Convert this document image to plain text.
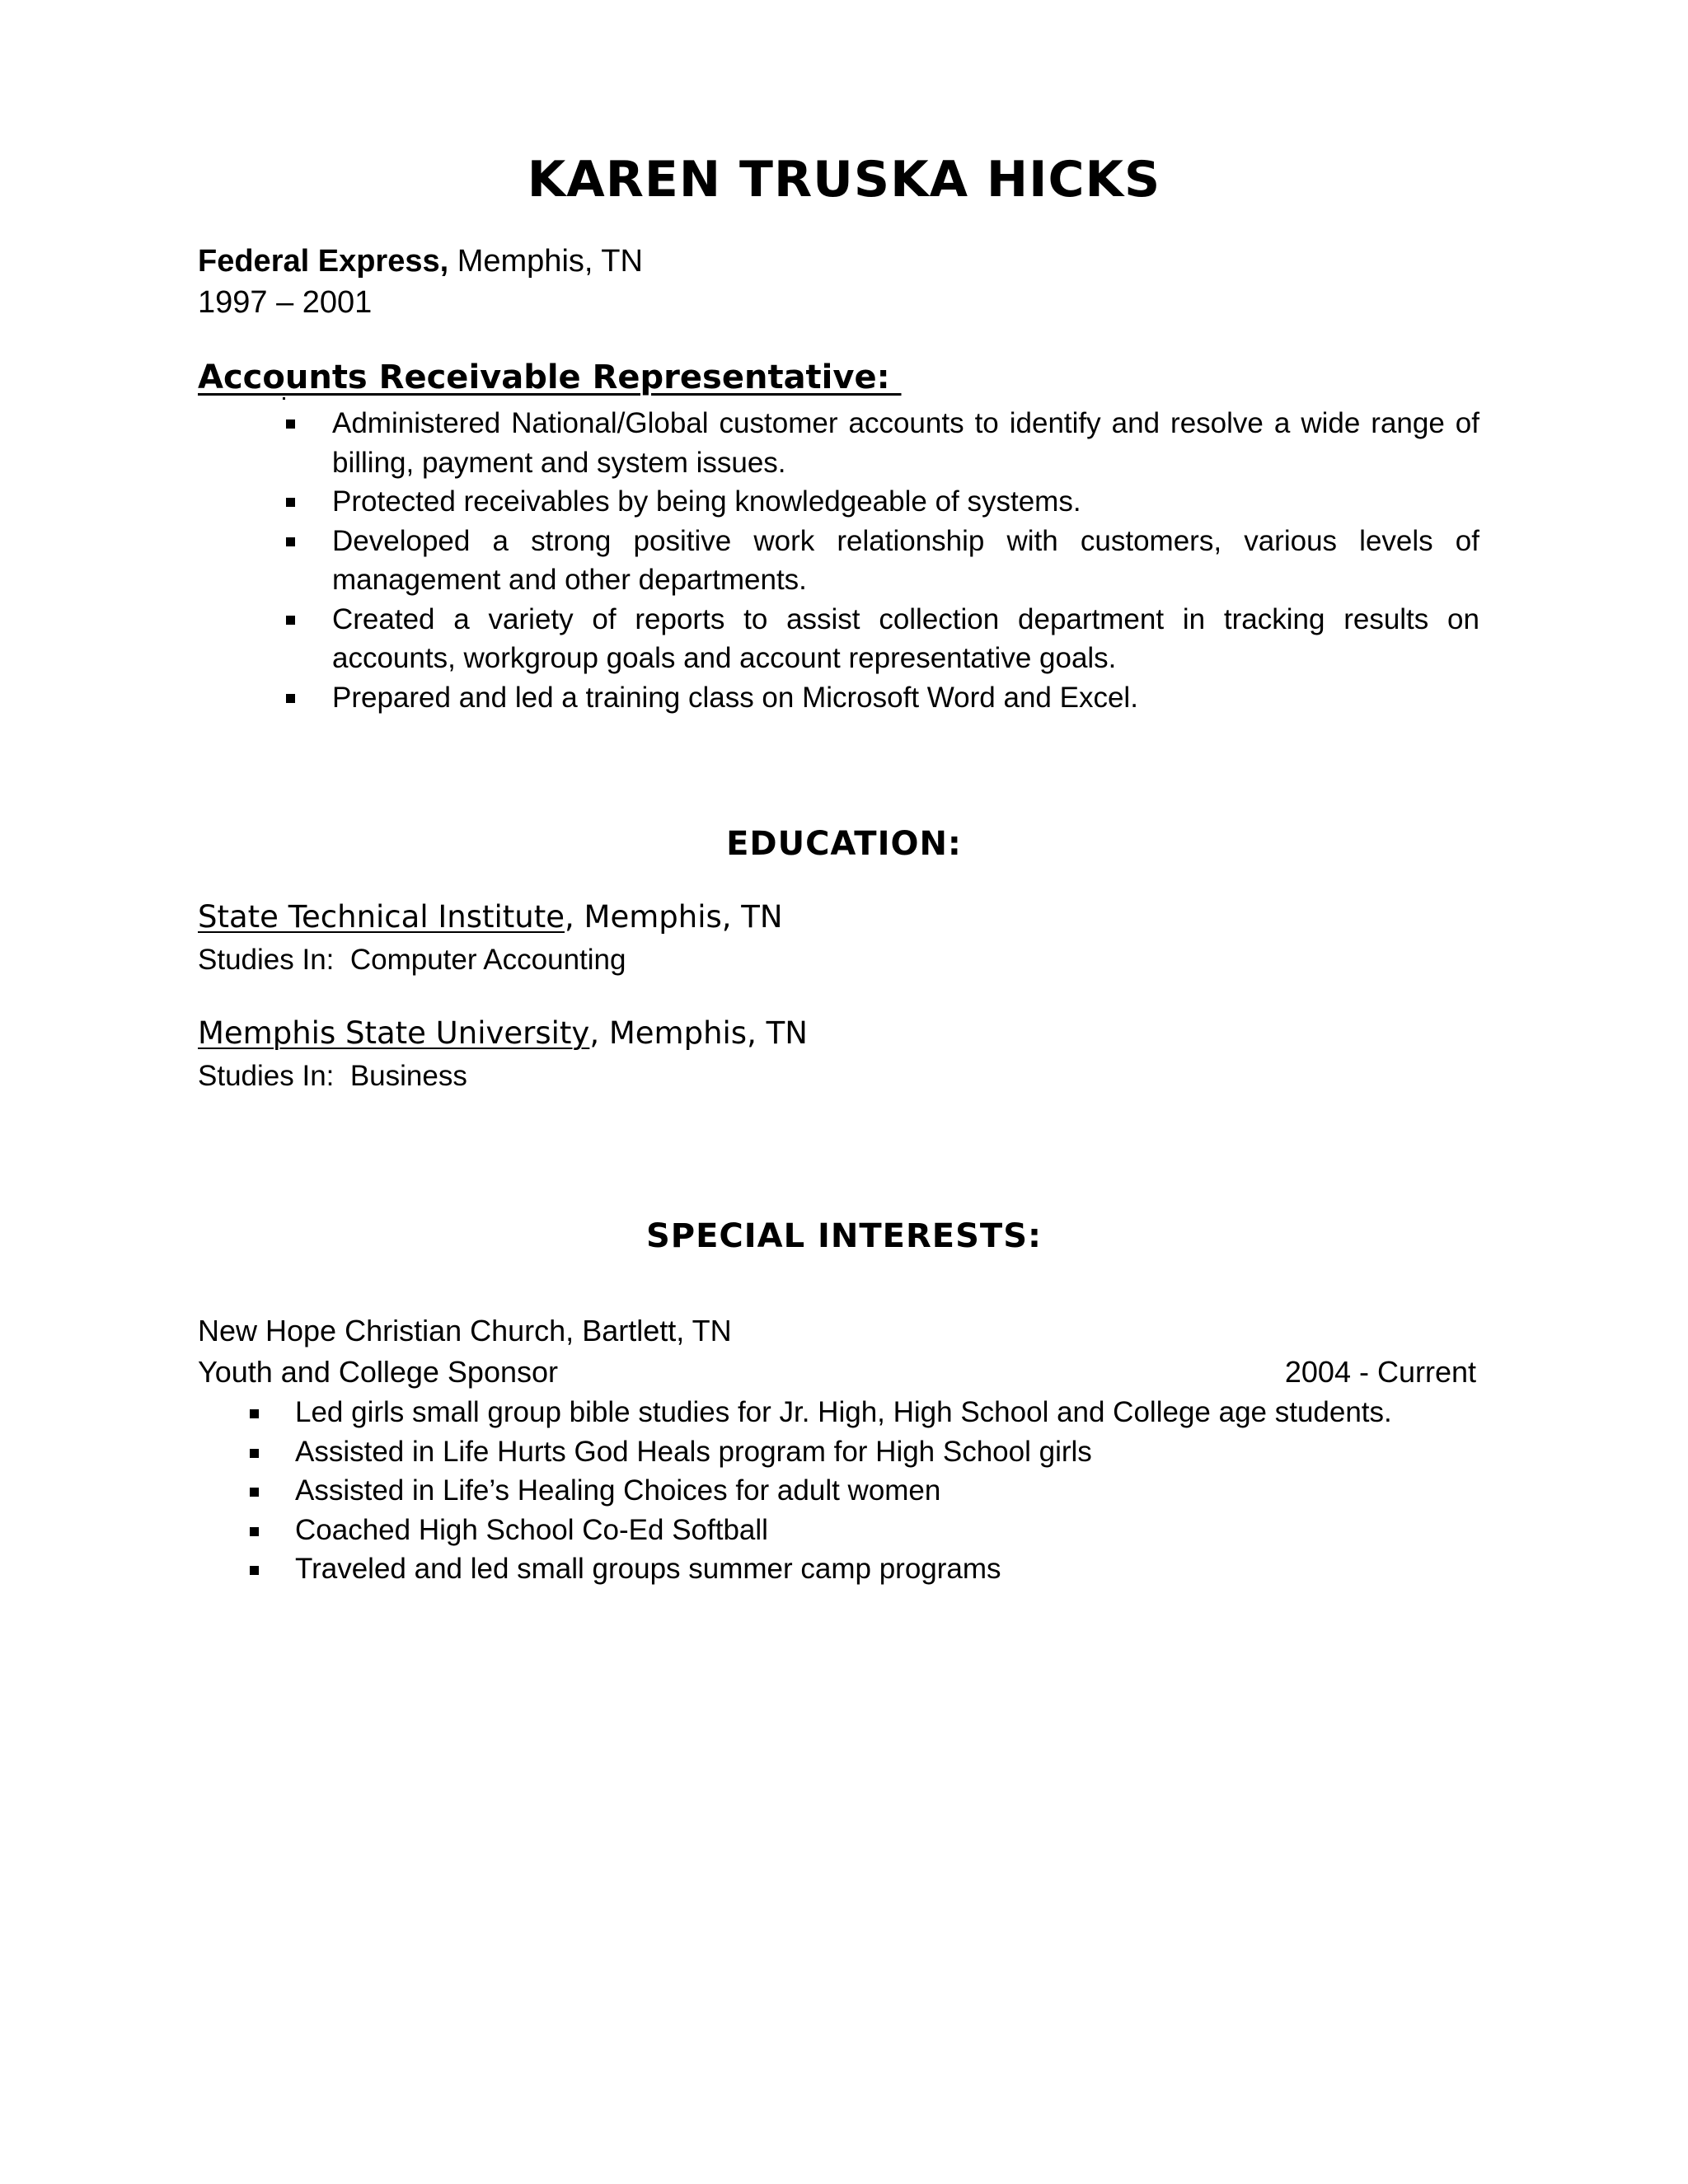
KAREN TRUSKA HICKS
Federal Express, Memphis, TN
1997 – 2001
Accounts Receivable Representative:
Administered National/Global customer accounts to identify and resolve a wide range of billing, payment and system issues.
Protected receivables by being knowledgeable of systems.
Developed a strong positive work relationship with customers, various levels of management and other departments.
Created a variety of reports to assist collection department in tracking results on accounts, workgroup goals and account representative goals.
Prepared and led a training class on Microsoft Word and Excel.
EDUCATION:
State Technical Institute, Memphis, TN
Studies In:  Computer Accounting
Memphis State University, Memphis, TN
Studies In:  Business
SPECIAL INTERESTS:
New Hope Christian Church, Bartlett, TN
Youth and College Sponsor	2004 - Current
Led girls small group bible studies for Jr. High, High School and College age students.
Assisted in Life Hurts God Heals program for High School girls
Assisted in Life’s Healing Choices for adult women
Coached High School Co-Ed Softball
Traveled and led small groups summer camp programs
